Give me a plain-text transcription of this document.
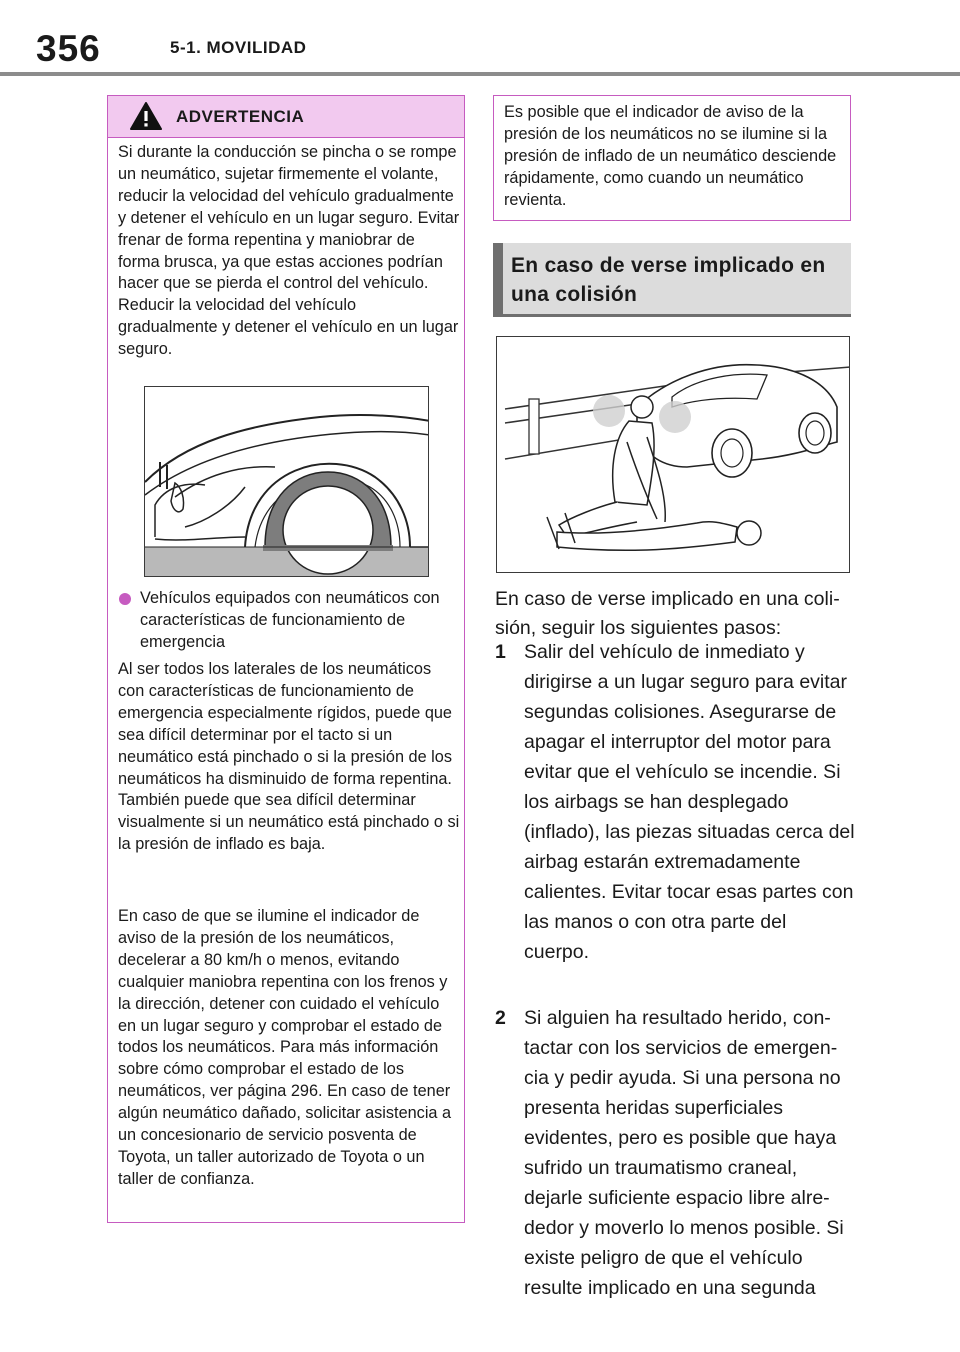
356	5-1. MOVILIDAD
ADVERTENCIA
Si durante la conducción se pincha o se rompe un neumático, sujetar firmemente el volante, reducir la velocidad del vehículo gradualmente y detener el vehículo en un lugar seguro. Evitar frenar de forma repentina y maniobrar de forma brusca, ya que estas acciones podrían hacer que se pierda el control del vehículo. Reducir la velocidad del vehículo gradualmente y detener el vehículo en un lugar seguro.
Vehículos equipados con neumáticos con características de funcionamiento de emergencia
Al ser todos los laterales de los neumáticos con características de funcionamiento de emergencia especialmente rígidos, puede que sea difícil determinar por el tacto si un neumático está pinchado o si la presión de los neumáticos ha disminuido de forma repentina. También puede que sea difícil determinar visualmente si un neumático está pinchado o si la presión de inflado es baja.
En caso de que se ilumine el indicador de aviso de la presión de los neumáticos, decelerar a 80 km/h o menos, evitando cualquier maniobra repentina con los frenos y la dirección, detener con cuidado el vehículo en un lugar seguro y comprobar el estado de todos los neumáticos. Para más información sobre cómo comprobar el estado de los neumáticos, ver página 296. En caso de tener algún neumático dañado, solicitar asistencia a un concesionario de servicio posventa de Toyota, un taller autorizado de Toyota o un taller de confianza.
Es posible que el indicador de aviso de la presión de los neumáticos no se ilumine si la presión de inflado de un neumático desciende rápidamente, como cuando un neumático revienta.
En caso de verse implicado en una colisión
En caso de verse implicado en una colisión, seguir los siguientes pasos:
1 Salir del vehículo de inmediato y dirigirse a un lugar seguro para evitar segundas colisiones. Asegurarse de apagar el interruptor del motor para evitar que el vehículo se incendie. Si los airbags se han desplegado (inflado), las piezas situadas cerca del airbag estarán extremadamente calientes. Evitar tocar esas partes con las manos o con otra parte del cuerpo.
2 Si alguien ha resultado herido, contactar con los servicios de emergencia y pedir ayuda. Si una persona no presenta heridas superficiales evidentes, pero es posible que haya sufrido un traumatismo craneal, dejarle suficiente espacio libre alrededor y moverlo lo menos posible. Si existe peligro de que el vehículo resulte implicado en una segunda
